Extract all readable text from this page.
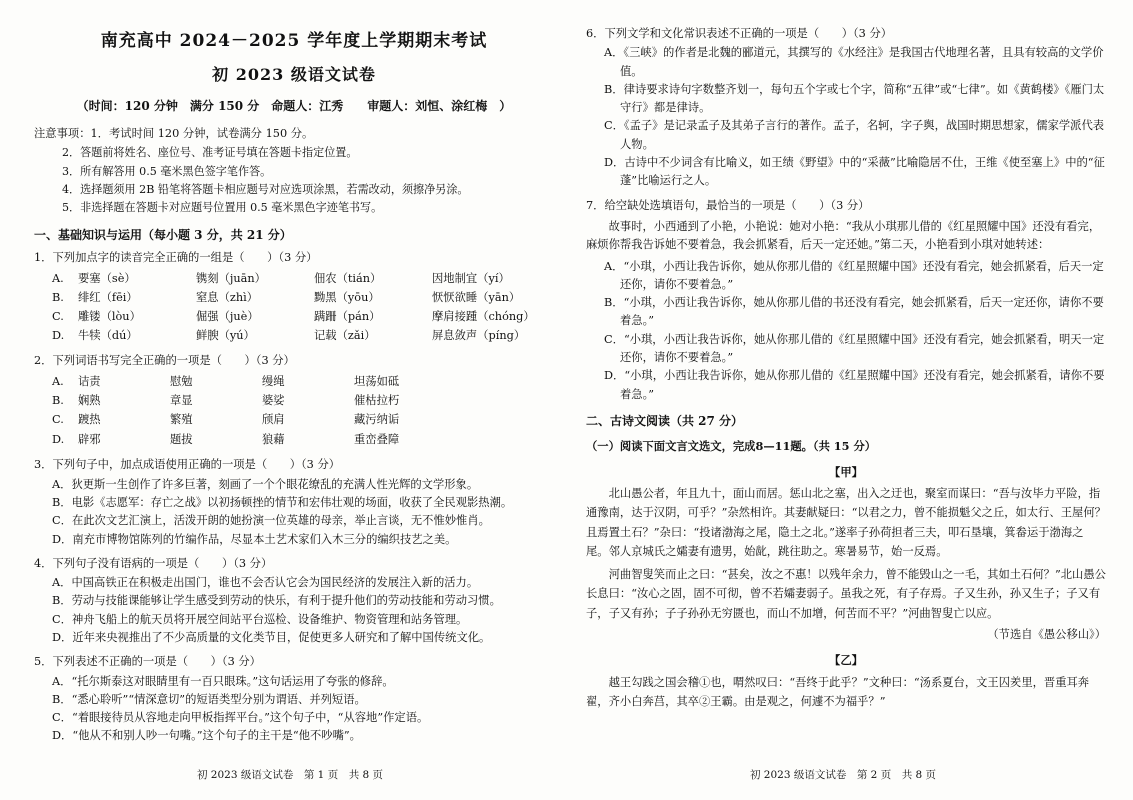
南充高中 2024－2025 学年度上学期期末考试
初 2023 级语文试卷
（时间：120 分钟　满分 150 分　命题人：江秀　　审题人：刘恒、涂红梅　）
注意事项：1．考试时间 120 分钟，试卷满分 150 分。
2．答题前将姓名、座位号、准考证号填在答题卡指定位置。
3．所有解答用 0.5 毫米黑色签字笔作答。
4．选择题须用 2B 铅笔将答题卡相应题号对应选项涂黑，若需改动，须擦净另涂。
5．非选择题在答题卡对应题号位置用 0.5 毫米黑色字迹笔书写。
一、基础知识与运用（每小题 3 分，共 21 分）
1．下列加点字的读音完全正确的一组是（　　）（3 分）
A.	要塞（sè）	镌刻（juān）	佃农（tián）	因地制宜（yí）
B.	绯红（fēi）	窒息（zhì）	黝黑（yōu）	恹恹欲睡（yān）
C.	雕镂（lòu）	倔强（juè）	蹒跚（pán）	摩肩接踵（chóng）
D.	牛犊（dú）	鲜腴（yú）	记载（zǎi）	屏息敛声（píng）
2．下列词语书写完全正确的一项是（　　）（3 分）
A.	诘责	慰勉	缦绳	坦荡如砥
B.	娴熟	章显	婆娑	催枯拉朽
C.	踱热	繁殖	颀肩	藏污纳诟
D.	辟邪	题拔	狼藉	重峦叠障
3．下列句子中，加点成语使用正确的一项是（　　）（3 分）
A．狄更斯一生创作了许多巨著，刻画了一个个眼花缭乱的充满人性光辉的文学形象。
B．电影《志愿军：存亡之战》以初扬顿挫的情节和宏伟壮观的场面，收获了全民观影热潮。
C．在此次文艺汇演上，活泼开朗的她扮演一位英雄的母亲，举止言谈，无不惟妙惟肖。
D．南充市博物馆陈列的竹编作品，尽显本土艺术家们入木三分的编织技艺之美。
4．下列句子没有语病的一项是（　　）（3 分）
A．中国高铁正在积极走出国门，谁也不会否认它会为国民经济的发展注入新的活力。
B．劳动与技能课能够让学生感受到劳动的快乐，有利于提升他们的劳动技能和劳动习惯。
C．神舟飞船上的航天员将开展空间站平台巡检、设备维护、物资管理和站务管理。
D．近年来央视推出了不少高质量的文化类节目，促使更多人研究和了解中国传统文化。
5．下列表述不正确的一项是（　　）（3 分）
A．“托尔斯泰这对眼睛里有一百只眼珠。”这句话运用了夸张的修辞。
B．“悉心聆听”“情深意切”的短语类型分别为谓语、并列短语。
C．“着眼接待员从容地走向甲板指挥平台。”这个句子中，“从容地”作定语。
D．“他从不和别人吵一句嘴。”这个句子的主干是“他不吵嘴”。
初 2023 级语文试卷　第 1 页　共 8 页
6．下列文学和文化常识表述不正确的一项是（　　）（3 分）
A．《三峡》的作者是北魏的郦道元，其撰写的《水经注》是我国古代地理名著，且具有较高的文学价值。
B．律诗要求诗句字数整齐划一，每句五个字或七个字，简称“五律”或“七律”。如《黄鹤楼》《雁门太守行》都是律诗。
C．《孟子》是记录孟子及其弟子言行的著作。孟子，名轲，字子舆，战国时期思想家，儒家学派代表人物。
D．古诗中不少词含有比喻义，如王绩《野望》中的“采薇”比喻隐居不仕，王维《使至塞上》中的“征蓬”比喻运行之人。
7．给空缺处选填语句，最恰当的一项是（　　）（3 分）
故事时，小西通到了小艳，小艳说：她对小艳：“我从小琪那儿借的《红星照耀中国》还没有看完，麻烦你帮我告诉她不要着急，我会抓紧看，后天一定还她。”第二天，小艳看到小琪对她转述：
A．“小琪，小西让我告诉你，她从你那儿借的《红星照耀中国》还没有看完，她会抓紧看，后天一定还你，请你不要着急。”
B．“小琪，小西让我告诉你，她从你那儿借的书还没有看完，她会抓紧看，后天一定还你，请你不要着急。”
C．“小琪，小西让我告诉你，她从你那儿借的《红星照耀中国》还没有看完，她会抓紧看，明天一定还你，请你不要着急。”
D．“小琪，小西让我告诉你，她从你那儿借的《红星照耀中国》还没有看完，她会抓紧看，请你不要着急。”
二、古诗文阅读（共 27 分）
（一）阅读下面文言文选文，完成8—11题。（共 15 分）
【甲】
北山愚公者，年且九十，面山而居。惩山北之塞，出入之迂也，聚室而谋曰：“吾与汝毕力平险，指通豫南，达于汉阴，可乎？”杂然相许。其妻献疑曰：“以君之力，曾不能损魁父之丘，如太行、王屋何？且焉置土石？”杂曰：“投诸渤海之尾，隐土之北。”遂率子孙荷担者三夫，叩石垦壤，箕畚运于渤海之尾。邻人京城氏之孀妻有遗男，始龀，跳往助之。寒暑易节，始一反焉。
河曲智叟笑而止之曰：“甚矣，汝之不惠！以残年余力，曾不能毁山之一毛，其如土石何？”北山愚公长息曰：“汝心之固，固不可彻，曾不若孀妻弱子。虽我之死，有子存焉。子又生孙，孙又生子；子又有子，子又有孙；子子孙孙无穷匮也，而山不加增，何苦而不平？”河曲智叟亡以应。
（节选自《愚公移山》）
【乙】
越王勾践之国会稽①也，喟然叹曰：“吾终于此乎？”文种曰：“汤系夏台，文王囚羑里，晋重耳奔翟，齐小白奔莒，其卒②王霸。由是观之，何遽不为福乎？”
初 2023 级语文试卷　第 2 页　共 8 页
